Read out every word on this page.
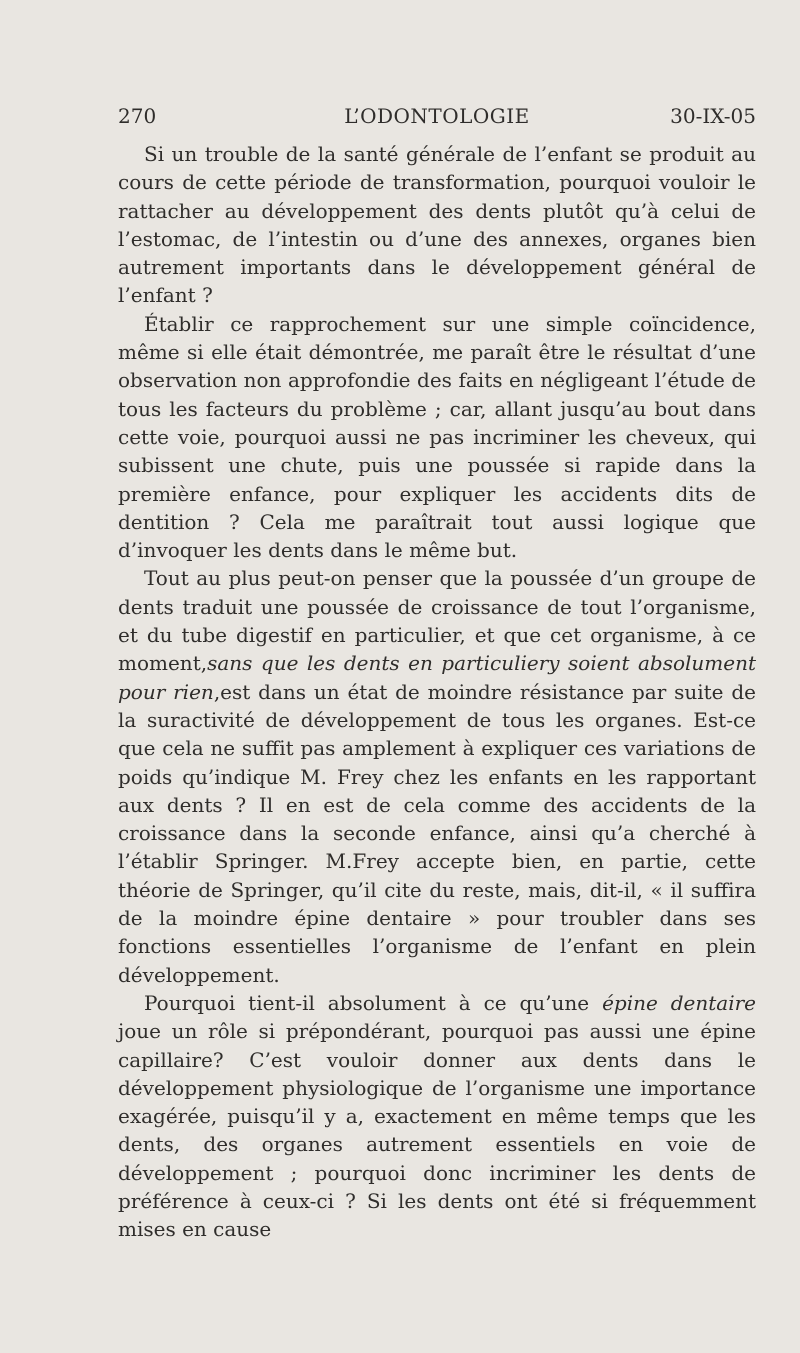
270	L’ODONTOLOGIE	30-IX-05

Si un trouble de la santé générale de l’enfant se produit au cours de cette période de transformation, pourquoi vouloir le rattacher au développement des dents plutôt qu’à celui de l’estomac, de l’intestin ou d’une des annexes, organes bien autrement importants dans le développement général de l’enfant ?

Établir ce rapprochement sur une simple coïncidence, même si elle était démontrée, me paraît être le résultat d’une observation non approfondie des faits en négligeant l’étude de tous les facteurs du problème ; car, allant jusqu’au bout dans cette voie, pourquoi aussi ne pas incriminer les cheveux, qui subissent une chute, puis une poussée si rapide dans la première enfance, pour expliquer les accidents dits de dentition ? Cela me paraîtrait tout aussi logique que d’invoquer les dents dans le même but.

Tout au plus peut-on penser que la poussée d’un groupe de dents traduit une poussée de croissance de tout l’organisme, et du tube digestif en particulier, et que cet organisme, à ce moment,sans que les dents en particuliery soient absolument pour rien,est dans un état de moindre résistance par suite de la suractivité de développement de tous les organes. Est-ce que cela ne suffit pas amplement à expliquer ces variations de poids qu’indique M. Frey chez les enfants en les rapportant aux dents ? Il en est de cela comme des accidents de la croissance dans la seconde enfance, ainsi qu’a cherché à l’établir Springer. M.Frey accepte bien, en partie, cette théorie de Springer, qu’il cite du reste, mais, dit-il, « il suffira de la moindre épine dentaire » pour troubler dans ses fonctions essentielles l’organisme de l’enfant en plein développement.

Pourquoi tient-il absolument à ce qu’une épine dentaire joue un rôle si prépondérant, pourquoi pas aussi une épine capillaire? C’est vouloir donner aux dents dans le développement physiologique de l’organisme une importance exagérée, puisqu’il y a, exactement en même temps que les dents, des organes autrement essentiels en voie de développement ; pourquoi donc incriminer les dents de préférence à ceux-ci ? Si les dents ont été si fréquemment mises en cause
